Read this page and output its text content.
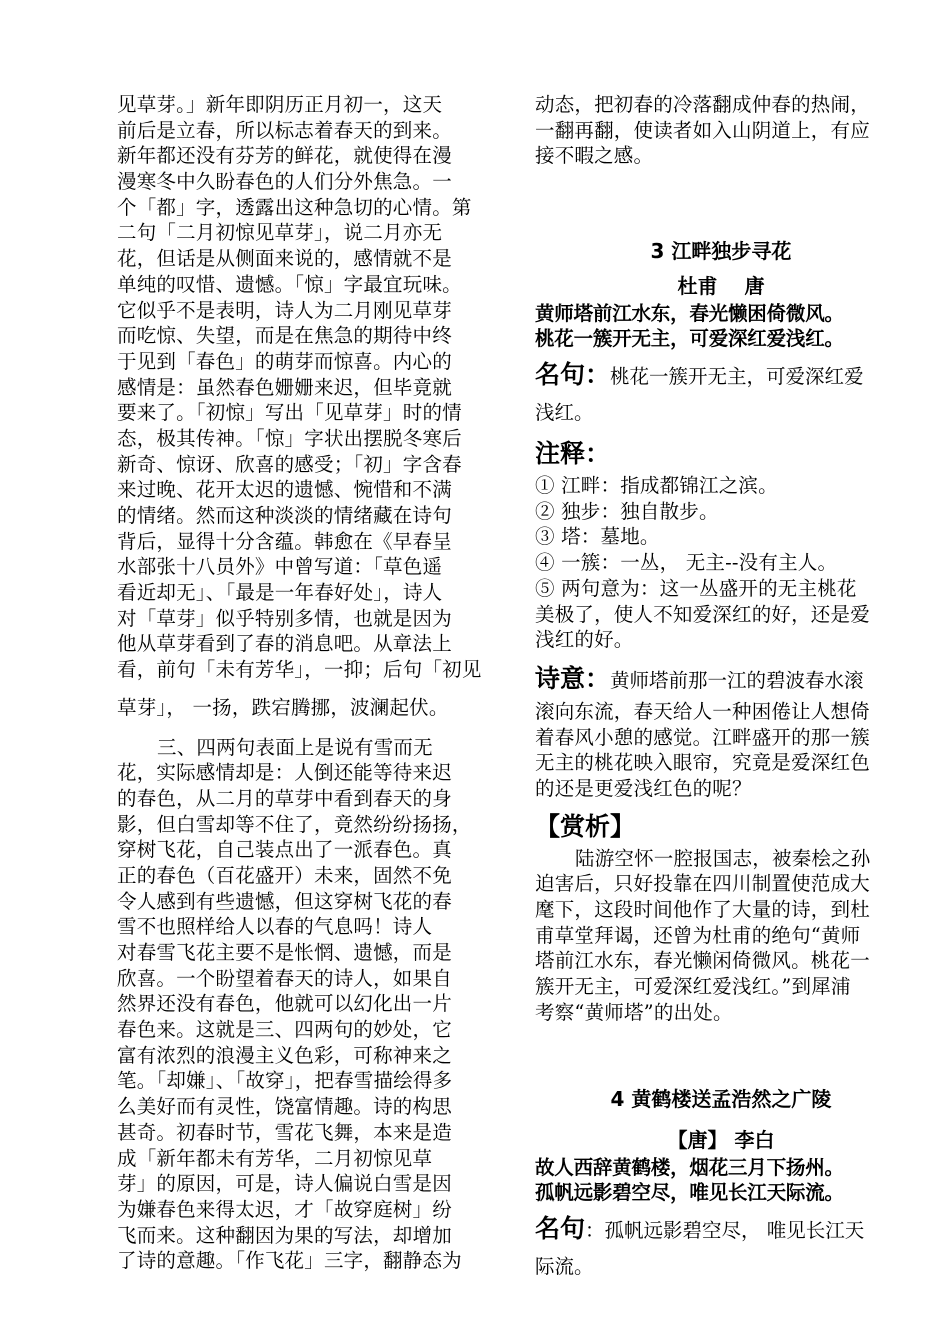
见草芽。」新年即阴历正月初一，这天
前后是立春，所以标志着春天的到来。
新年都还没有芬芳的鲜花，就使得在漫
漫寒冬中久盼春色的人们分外焦急。一
个「都」字，透露出这种急切的心情。第
二句「二月初惊见草芽」，说二月亦无
花，但话是从侧面来说的，感情就不是
单纯的叹惜、遗憾。「惊」字最宜玩味。
它似乎不是表明，诗人为二月刚见草芽
而吃惊、失望，而是在焦急的期待中终
于见到「春色」的萌芽而惊喜。内心的
感情是：虽然春色姗姗来迟，但毕竟就
要来了。「初惊」写出「见草芽」时的情
态，极其传神。「惊」字状出摆脱冬寒后
新奇、惊讶、欣喜的感受；「初」字含春
来过晚、花开太迟的遗憾、惋惜和不满
的情绪。然而这种淡淡的情绪藏在诗句
背后，显得十分含蕴。韩愈在《早春呈
水部张十八员外》中曾写道：「草色遥
看近却无」、「最是一年春好处」，诗人
对「草芽」似乎特别多情，也就是因为
他从草芽看到了春的消息吧。从章法上
看，前句「未有芳华」，一抑；后句「初见
草芽」， 一扬，跌宕腾挪，波澜起伏。
三、四两句表面上是说有雪而无
花，实际感情却是：人倒还能等待来迟
的春色，从二月的草芽中看到春天的身
影，但白雪却等不住了，竟然纷纷扬扬，
穿树飞花，自己装点出了一派春色。真
正的春色（百花盛开）未来，固然不免
令人感到有些遗憾，但这穿树飞花的春
雪不也照样给人以春的气息吗！诗人
对春雪飞花主要不是怅惘、遗憾，而是
欣喜。一个盼望着春天的诗人，如果自
然界还没有春色，他就可以幻化出一片
春色来。这就是三、四两句的妙处，它
富有浓烈的浪漫主义色彩，可称神来之
笔。「却嫌」、「故穿」，把春雪描绘得多
么美好而有灵性，饶富情趣。诗的构思
甚奇。初春时节，雪花飞舞，本来是造
成「新年都未有芳华，二月初惊见草
芽」的原因，可是，诗人偏说白雪是因
为嫌春色来得太迟，才「故穿庭树」纷
飞而来。这种翻因为果的写法，却增加
了诗的意趣。「作飞花」三字，翻静态为
动态，把初春的冷落翻成仲春的热闹，
一翻再翻，使读者如入山阴道上，有应
接不暇之感。
3 江畔独步寻花
杜甫　 唐
黄师塔前江水东，春光懒困倚微风。
桃花一簇开无主，可爱深红爱浅红。
名句：桃花一簇开无主，可爱深红爱
浅红。
注释：
① 江畔：指成都锦江之滨。
② 独步：独自散步。
③ 塔：墓地。
④ 一簇：一丛， 无主--没有主人。
⑤ 两句意为：这一丛盛开的无主桃花
美极了，使人不知爱深红的好，还是爱
浅红的好。
诗意：黄师塔前那一江的碧波春水滚
滚向东流，春天给人一种困倦让人想倚
着春风小憩的感觉。江畔盛开的那一簇
无主的桃花映入眼帘，究竟是爱深红色
的还是更爱浅红色的呢？
【赏析】
陆游空怀一腔报国志，被秦桧之孙
迫害后，只好投靠在四川制置使范成大
麾下，这段时间他作了大量的诗，到杜
甫草堂拜谒，还曾为杜甫的绝句“黄师
塔前江水东，春光懒闲倚微风。桃花一
簇开无主，可爱深红爱浅红。”到犀浦
考察“黄师塔”的出处。
4 黄鹤楼送孟浩然之广陵
【唐】 李白
故人西辞黄鹤楼，烟花三月下扬州。
孤帆远影碧空尽，唯见长江天际流。
名句：孤帆远影碧空尽， 唯见长江天
际流。
